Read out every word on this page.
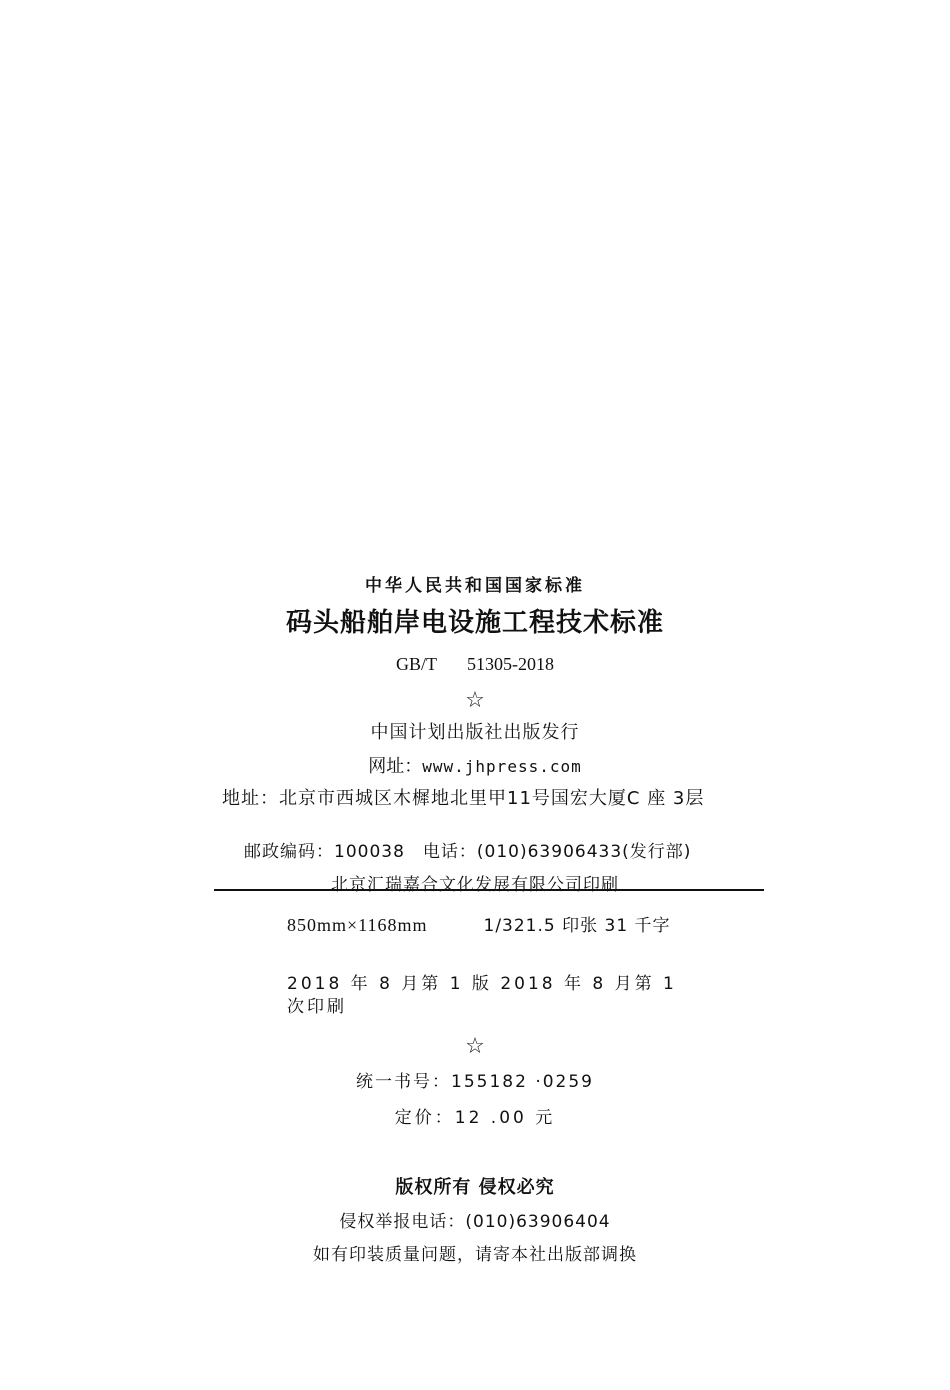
中华人民共和国国家标准
码头船舶岸电设施工程技术标准
GB/T 51305-2018
☆
中国计划出版社出版发行
网址：www.jhpress.com
地址：北京市西城区木樨地北里甲11号国宏大厦C 座 3层
邮政编码：100038 电话：(010)63906433(发行部)
北京汇瑞嘉合文化发展有限公司印刷
850mm×1168mm	1/321.5 印张 31 千字
2018 年 8 月第 1 版 2018 年 8 月第 1 次印刷
☆
统一书号：155182 ·0259
定价：12 .00 元
版权所有 侵权必究
侵权举报电话：(010)63906404
如有印装质量问题，请寄本社出版部调换
